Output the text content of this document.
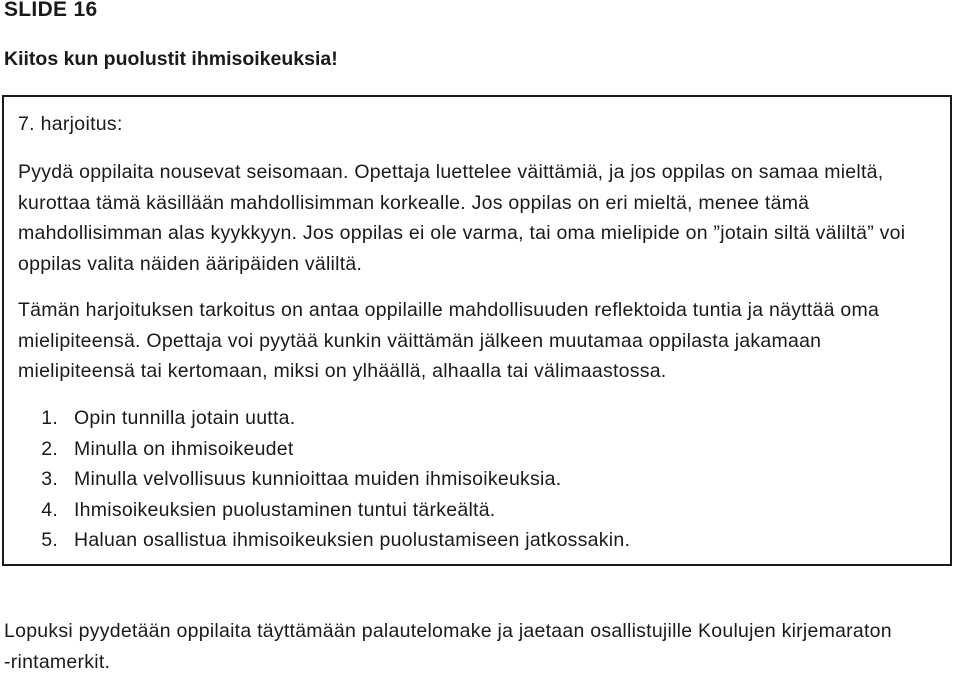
SLIDE 16
Kiitos kun puolustit ihmisoikeuksia!
7. harjoitus:

Pyydä oppilaita nousevat seisomaan. Opettaja luettelee väittämiä, ja jos oppilas on samaa mieltä, kurottaa tämä käsillään mahdollisimman korkealle. Jos oppilas on eri mieltä, menee tämä mahdollisimman alas kyykkyyn. Jos oppilas ei ole varma, tai oma mielipide on ”jotain siltä väliltä” voi oppilas valita näiden ääripäiden väliltä.

Tämän harjoituksen tarkoitus on antaa oppilaille mahdollisuuden reflektoida tuntia ja näyttää oma mielipiteensä. Opettaja voi pyytää kunkin väittämän jälkeen muutamaa oppilasta jakamaan mielipiteensä tai kertomaan, miksi on ylhäällä, alhaalla tai välimaastossa.

1. Opin tunnilla jotain uutta.
2. Minulla on ihmisoikeudet
3. Minulla velvollisuus kunnioittaa muiden ihmisoikeuksia.
4. Ihmisoikeuksien puolustaminen tuntui tärkeältä.
5. Haluan osallistua ihmisoikeuksien puolustamiseen jatkossakin.

Lopuksi pyydetään oppilaita täyttämään palautelomake ja jaetaan osallistujille Koulujen kirjemaraton -rintamerkit.
